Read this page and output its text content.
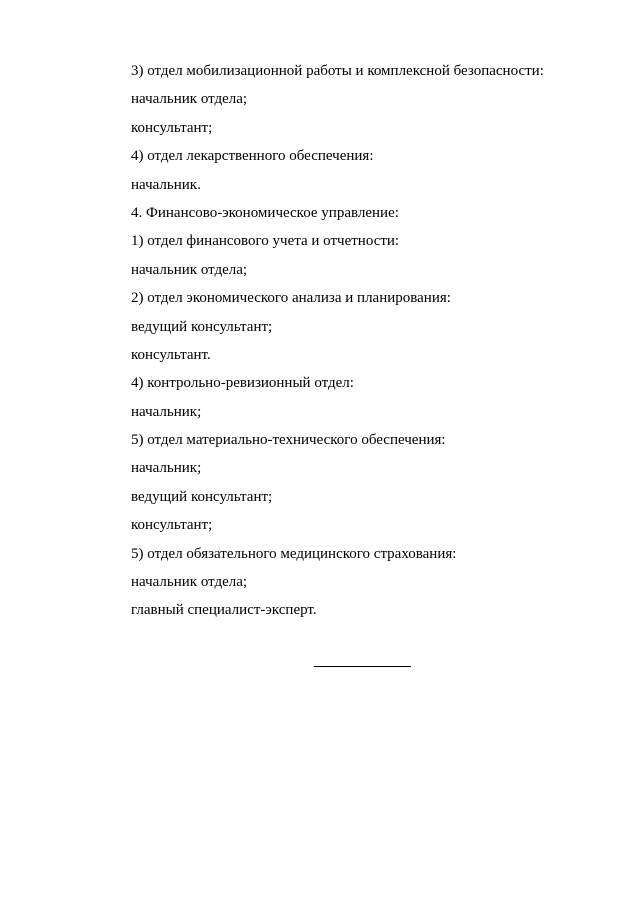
3) отдел мобилизационной работы и комплексной безопасности:
начальник отдела;
консультант;
4) отдел лекарственного обеспечения:
начальник.
4. Финансово-экономическое управление:
1) отдел финансового учета и отчетности:
начальник отдела;
2) отдел экономического анализа и планирования:
ведущий консультант;
консультант.
4) контрольно-ревизионный отдел:
начальник;
5) отдел материально-технического обеспечения:
начальник;
ведущий консультант;
консультант;
5) отдел обязательного медицинского страхования:
начальник отдела;
главный специалист-эксперт.
